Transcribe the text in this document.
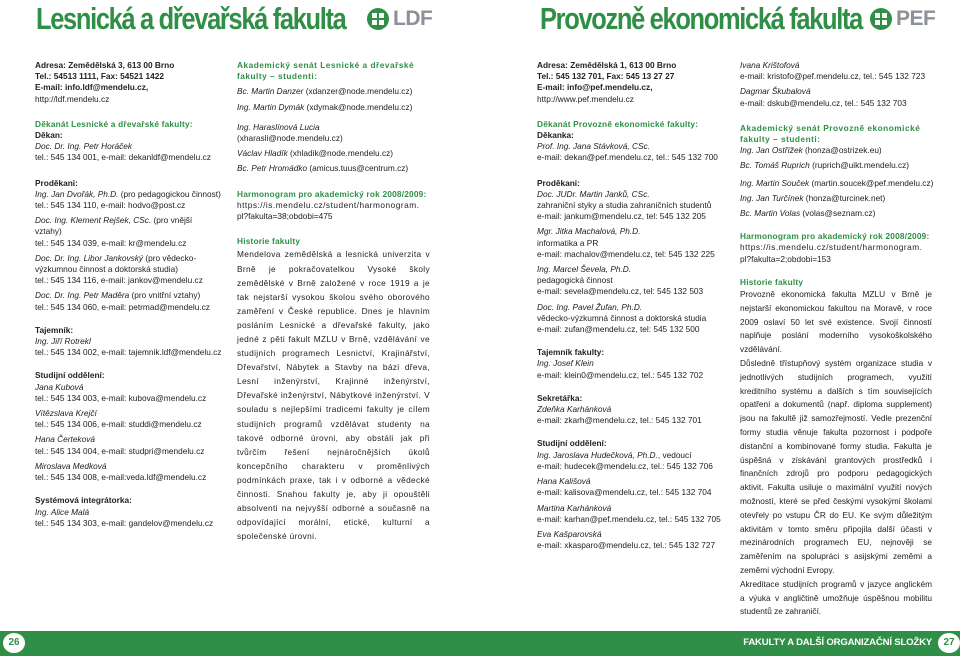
Lesnická a dřevařská fakulta LDF	Provozně ekonomická fakulta PEF
Adresa: Zemědělská 3, 613 00 Brno
Tel.: 54513 1111, Fax: 54521 1422
E-mail: info.ldf@mendelu.cz,
http://ldf.mendelu.cz
Děkanát Lesnické a dřevařské fakulty:
Děkan:
Doc. Dr. Ing. Petr Horáček
tel.: 545 134 001, e-mail: dekanldf@mendelu.cz
Proděkani:
Ing. Jan Dvořák, Ph.D. (pro pedagogickou činnost)
tel.: 545 134 110, e-mail: hodvo@post.cz
Doc. Ing. Klement Rejšek, CSc. (pro vnější
vztahy)
tel.: 545 134 039, e-mail: kr@mendelu.cz
Doc. Dr. Ing. Libor Jankovský (pro vědecko-
výzkumnou činnost a doktorská studia)
tel.: 545 134 116, e-mail: jankov@mendelu.cz
Doc. Dr. Ing. Petr Maděra (pro vnitřní vztahy)
tel.: 545 134 060, e-mail: petrmad@mendelu.cz
Tajemník:
Ing. Jiří Rotrekl
tel.: 545 134 002, e-mail: tajemnik.ldf@mendelu.cz
Studijní oddělení:
Jana Kubová
tel.: 545 134 003, e-mail: kubova@mendelu.cz
Vítězslava Krejčí
tel.: 545 134 006, e-mail: studdi@mendelu.cz
Hana Čerteková
tel.: 545 134 004, e-mail: studpri@mendelu.cz
Miroslava Medková
tel.: 545 134 008, e-mail:veda.ldf@mendelu.cz
Systémová integrátorka:
Ing. Alice Malá
tel.: 545 134 303, e-mail: gandelov@mendelu.cz
Akademický senát Lesnické a dřevařské
fakulty – studenti:
Bc. Martin Danzer (xdanzer@node.mendelu.cz)
Ing. Martin Dymák (xdymak@node.mendelu.cz)
Ing. Haraslínová Lucia
(xharasli@node.mendelu.cz)
Václav Hladík (xhladik@node.mendelu.cz)
Bc. Petr Hromádko (amicus.tuus@centrum.cz)
Harmonogram pro akademický rok 2008/2009:
https://is.mendelu.cz/student/harmonogram.
pl?fakulta=38;obdobi=475
Historie fakulty
Mendelova zemědělská a lesnická univerzita v Brně je pokračovatelkou Vysoké školy zemědělské v Brně založené v roce 1919 a je tak nejstarší vysokou školou svého oborového zaměření v České republice. Dnes je hlavním posláním Lesnické a dřevařské fakulty, jako jedné z pěti fakult MZLU v Brně, vzdělávání ve studijních programech Lesnictví, Krajinářství, Dřevařství, Nábytek a Stavby na bázi dřeva, Lesní inženýrství, Krajinné inženýrství, Dřevařské inženýrství, Nábytkové inženýrství. V souladu s nejlepšími tradicemi fakulty je cílem studijních programů vzdělávat studenty na takové odborné úrovni, aby obstáli jak při tvůrčím řešení nejnáročnějších úkolů koncepčního charakteru v proměnlivých podmínkách praxe, tak i v odborné a vědecké činnosti. Snahou fakulty je, aby ji opouštěli absolventi na nejvyšší odborné a současně na odpovídající morální, etické, kulturní a společenské úrovni.
Adresa: Zemědělská 1, 613 00 Brno
Tel.: 545 132 701, Fax: 545 13 27 27
E-mail: info@pef.mendelu.cz,
http://www.pef.mendelu.cz
Děkanát Provozně ekonomické fakulty:
Děkanka:
Prof. Ing. Jana Stávková, CSc.
e-mail: dekan@pef.mendelu.cz, tel.: 545 132 700
Proděkani:
Doc. JUDr. Martin Janků, CSc.
zahraniční styky a studia zahraničních studentů
e-mail: jankum@mendelu.cz, tel: 545 132 205
Mgr. Jitka Machalová, Ph.D.
informatika a PR
e-mail: machalov@mendelu.cz, tel: 545 132 225
Ing. Marcel Ševela, Ph.D.
pedagogická činnost
e-mail: sevela@mendelu.cz, tel: 545 132 503
Doc. Ing. Pavel Žufan, Ph.D.
vědecko-výzkumná činnost a doktorská studia
e-mail: zufan@mendelu.cz, tel: 545 132 500
Tajemník fakulty:
Ing. Josef Klein
e-mail: klein0@mendelu.cz, tel.: 545 132 702
Sekretářka:
Zdeňka Karhánková
e-mail: zkarh@mendelu.cz, tel.: 545 132 701
Studijní oddělení:
Ing. Jaroslava Hudečková, Ph.D., vedoucí
e-mail: hudecek@mendelu.cz, tel.: 545 132 706
Hana Kališová
e-mail: kalisova@mendelu.cz, tel.: 545 132 704
Martina Karhánková
e-mail: karhan@pef.mendelu.cz, tel.: 545 132 705
Eva Kašparovská
e-mail: xkasparo@mendelu.cz, tel.: 545 132 727
Ivana Krištofová
e-mail: kristofo@pef.mendelu.cz, tel.: 545 132 723
Dagmar Škubalová
e-mail: dskub@mendelu.cz, tel.: 545 132 703
Akademický senát Provozně ekonomické
fakulty – studenti:
Ing. Jan Ostřížek (honza@ostrizek.eu)
Bc. Tomáš Ruprich (ruprich@uikt.mendelu.cz)
Ing. Martin Souček (martin.soucek@pef.mendelu.cz)
Ing. Jan Turčínek (honza@turcinek.net)
Bc. Martin Volas (volas@seznam.cz)
Harmonogram pro akademický rok 2008/2009:
https://is.mendelu.cz/student/harmonogram.
pl?fakulta=2;obdobi=153
Historie fakulty
Provozně ekonomická fakulta MZLU v Brně je nejstarší ekonomickou fakultou na Moravě, v roce 2009 oslaví 50 let své existence. Svojí činností naplňuje poslání moderního vysokoškolského vzdělávání.
Důsledně třístupňový systém organizace studia v jednotlivých studijních programech, využití kreditního systému a dalších s tím souvisejících opatření a dokumentů (např. diploma supplement) jsou na fakultě již samozřejmostí. Vedle prezenční formy studia věnuje fakulta pozornost i podpoře distanční a kombinované formy studia. Fakulta je úspěšná v získávání grantových prostředků i finančních zdrojů pro podporu pedagogických aktivit. Fakulta usiluje o maximální využití nových možností, které se před českými vysokými školami otevřely po vstupu ČR do EU. Ke svým důležitým aktivitám v tomto směru připojila další účasti v mezinárodních programech EU, nejnověji se zaměřením na spolupráci s asijskými zeměmi a zeměmi východní Evropy.
Akreditace studijních programů v jazyce anglickém a výuka v angličtině umožňuje úspěšnou mobilitu studentů ze zahraničí.
26	27
FAKULTY A DALŠÍ ORGANIZAČNÍ SLOŽKY
